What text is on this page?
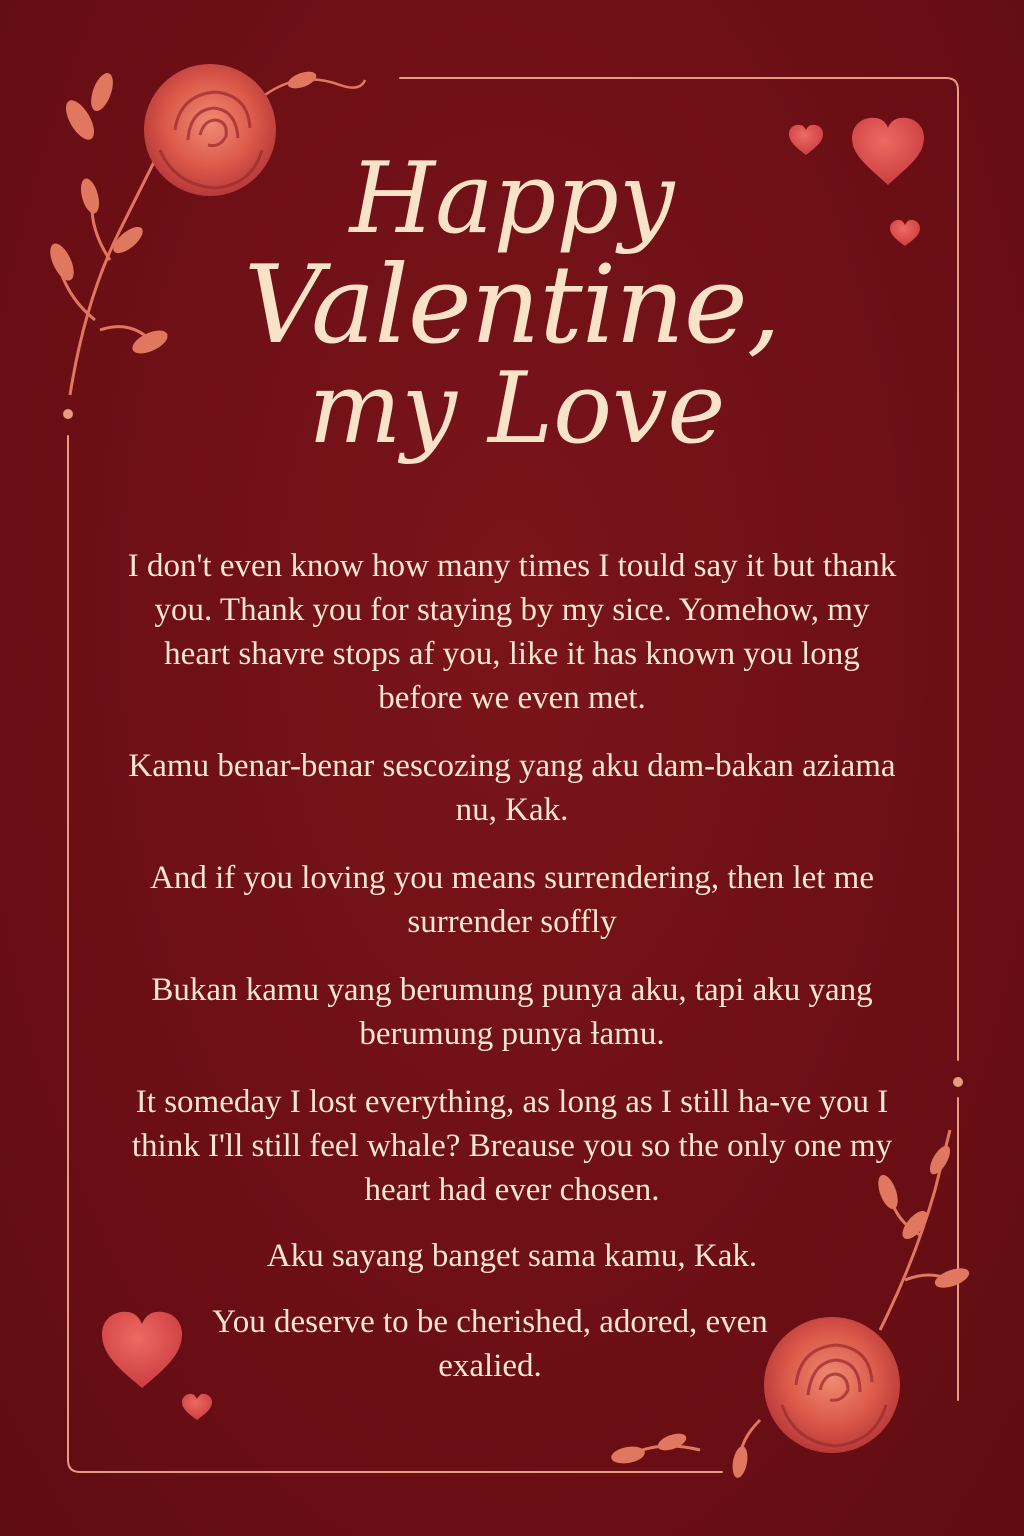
Happy
Valentine,
my Love

I don't even know how many times I tould say it but thank you. Thank you for staying by my sice. Yomehow, my heart shavre stops af you, like it has known you long before we even met.

Kamu benar-benar sescozing yang aku dam-bakan aziama nu, Kak.

And if you loving you means surrendering, then let me surrender soffly

Bukan kamu yang berumung punya aku, tapi aku yang berumung punya ƚamu.

It someday I lost everything, as long as I still ha-ve you I think I'll still feel whale? Breause you so the only one my heart had ever chosen.

Aku sayang banget sama kamu, Kak.

You deserve to be cherished, adored, even exalied.
